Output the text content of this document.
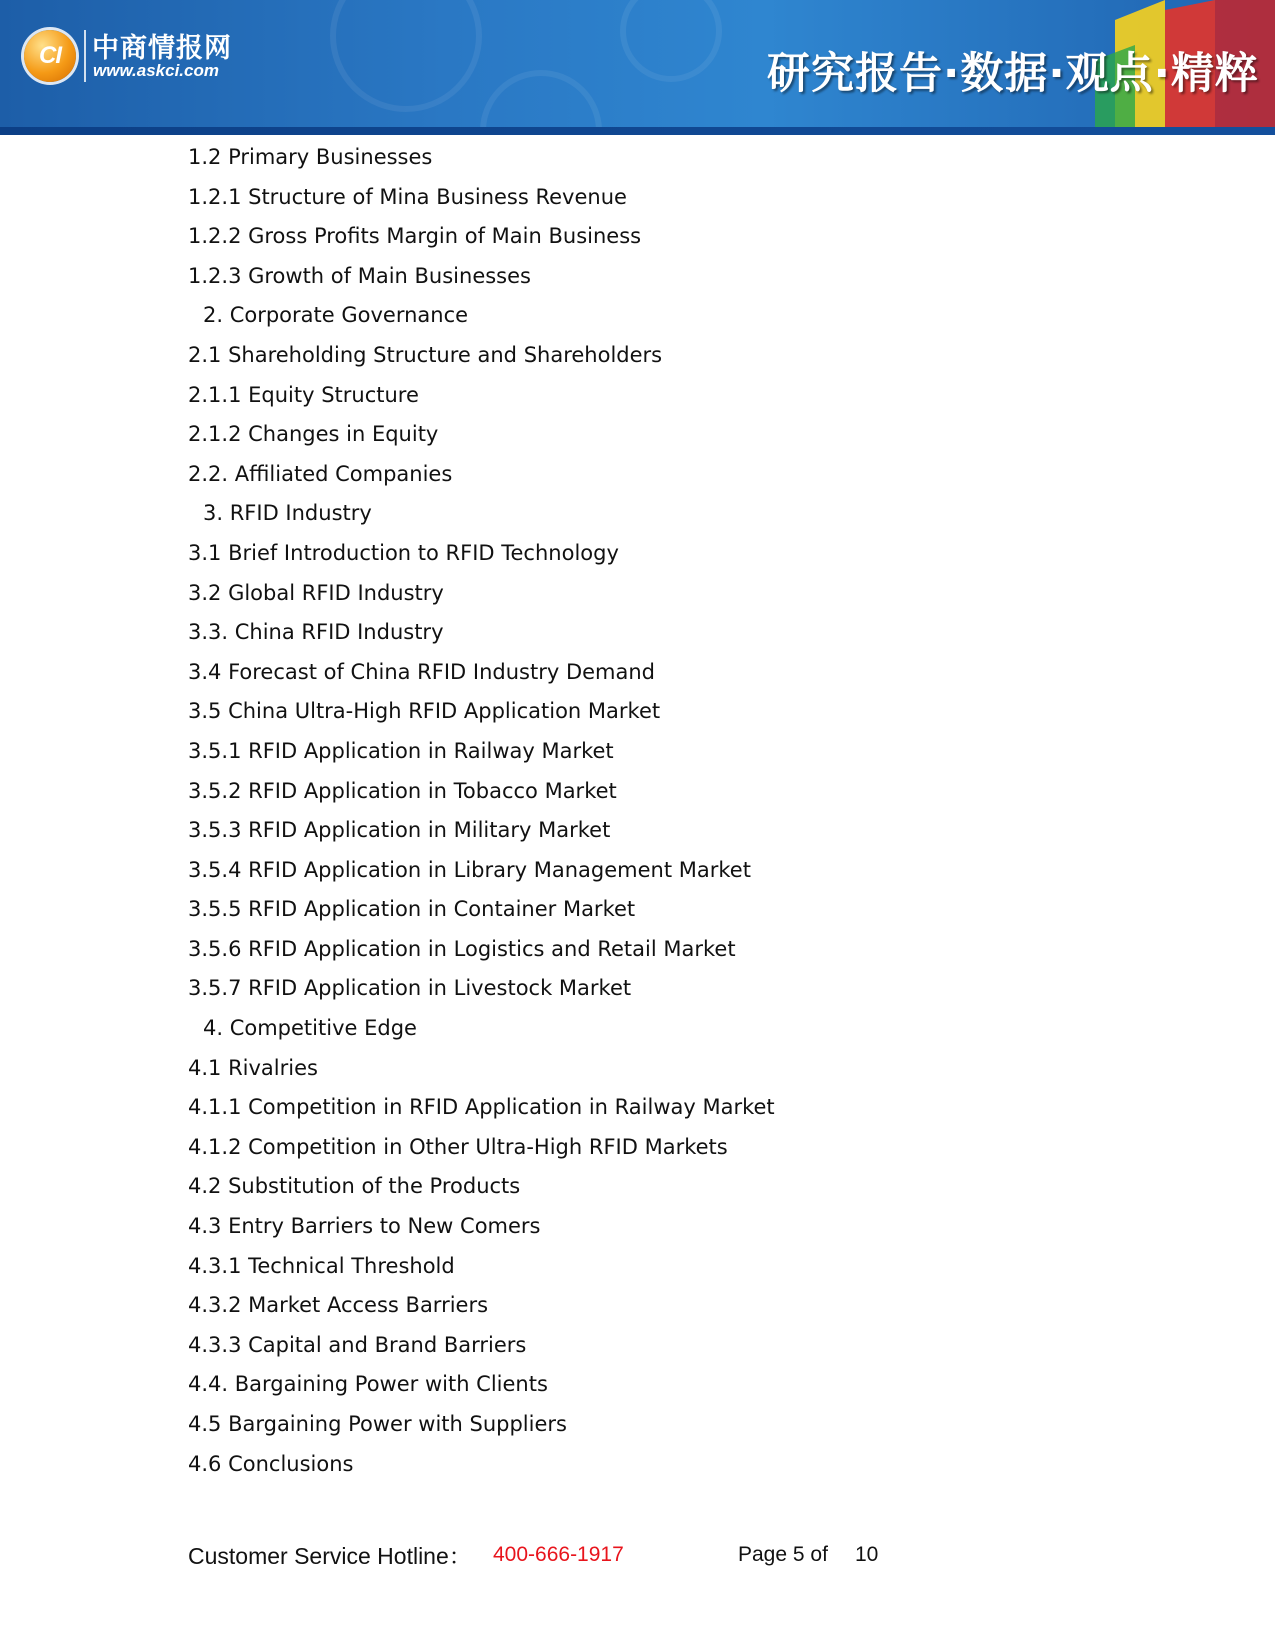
CI 中商情报网
www.askci.com	研究报告·数据·观点·精粹
1.2 Primary Businesses
1.2.1 Structure of Mina Business Revenue
1.2.2 Gross Profits Margin of Main Business
1.2.3 Growth of Main Businesses
2. Corporate Governance
2.1 Shareholding Structure and Shareholders
2.1.1 Equity Structure
2.1.2 Changes in Equity
2.2. Affiliated Companies
3. RFID Industry
3.1 Brief Introduction to RFID Technology
3.2 Global RFID Industry
3.3. China RFID Industry
3.4 Forecast of China RFID Industry Demand
3.5 China Ultra-High RFID Application Market
3.5.1 RFID Application in Railway Market
3.5.2 RFID Application in Tobacco Market
3.5.3 RFID Application in Military Market
3.5.4 RFID Application in Library Management Market
3.5.5 RFID Application in Container Market
3.5.6 RFID Application in Logistics and Retail Market
3.5.7 RFID Application in Livestock Market
4. Competitive Edge
4.1 Rivalries
4.1.1 Competition in RFID Application in Railway Market
4.1.2 Competition in Other Ultra-High RFID Markets
4.2 Substitution of the Products
4.3 Entry Barriers to New Comers
4.3.1 Technical Threshold
4.3.2 Market Access Barriers
4.3.3 Capital and Brand Barriers
4.4. Bargaining Power with Clients
4.5 Bargaining Power with Suppliers
4.6 Conclusions
Customer Service Hotline： 400-666-1917	Page 5 of 10
